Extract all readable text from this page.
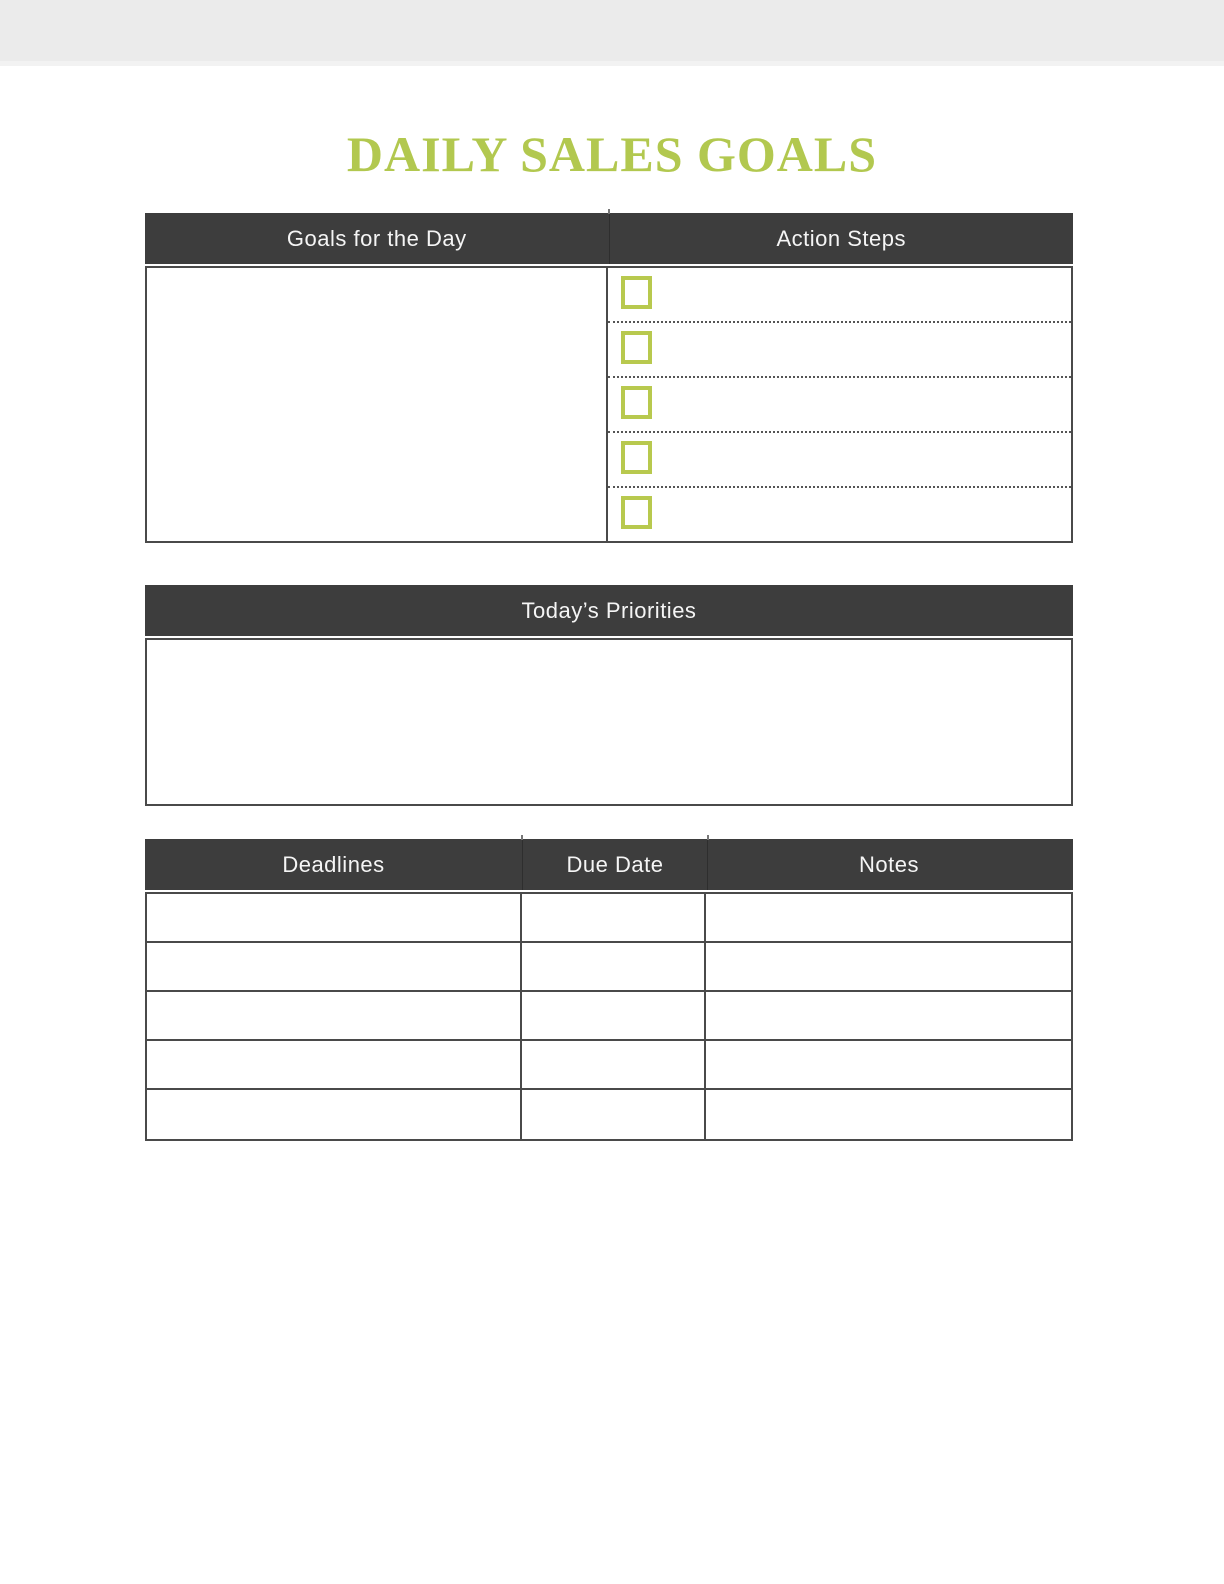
DAILY SALES GOALS
Goals for the Day	Action Steps
Today’s Priorities
Deadlines	Due Date	Notes
